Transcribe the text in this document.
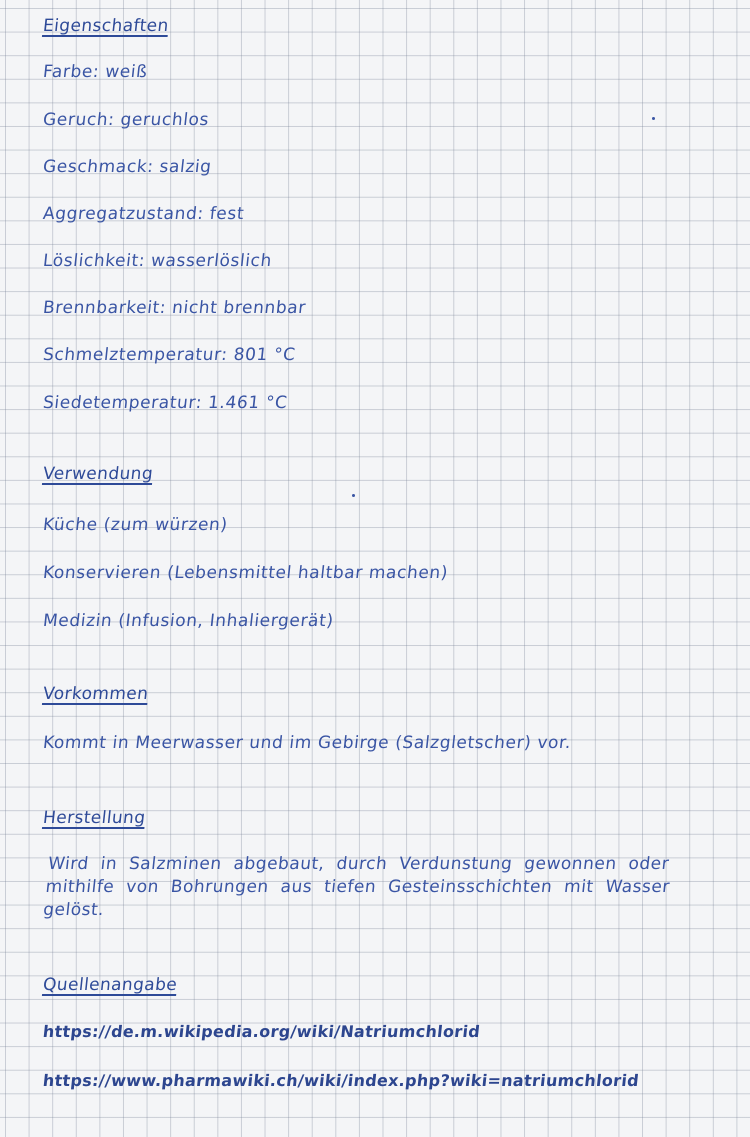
Eigenschaften
Farbe: weiß
Geruch: geruchlos
Geschmack: salzig
Aggregatzustand: fest
Löslichkeit: wasserlöslich
Brennbarkeit: nicht brennbar
Schmelztemperatur: 801 °C
Siedetemperatur: 1.461 °C
Verwendung
Küche (zum würzen)
Konservieren (Lebensmittel haltbar machen)
Medizin (Infusion, Inhaliergerät)
Vorkommen
Kommt in Meerwasser und im Gebirge (Salzgletscher) vor.
Herstellung
Wird in Salzminen abgebaut, durch Verdunstung gewonnen oder mithilfe von Bohrungen aus tiefen Gesteinsschichten mit Wasser gelöst.
Quellenangabe
https://de.m.wikipedia.org/wiki/Natriumchlorid
https://www.pharmawiki.ch/wiki/index.php?wiki=natriumchlorid
